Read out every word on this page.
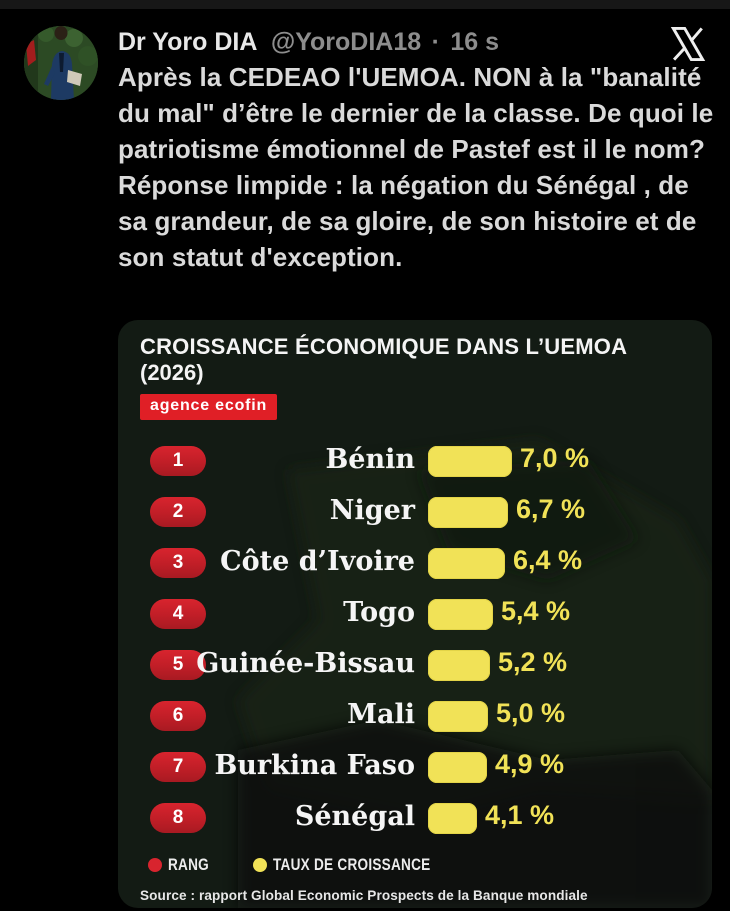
Dr Yoro DIA @YoroDIA18 · 16 s
Après la CEDEAO l'UEMOA. NON à la "banalité du mal" d’être le dernier de la classe. De quoi le patriotisme émotionnel de Pastef est il le nom? Réponse limpide : la négation du Sénégal , de sa grandeur, de sa gloire, de son histoire et de son statut d'exception.
CROISSANCE ÉCONOMIQUE DANS L’UEMOA
(2026)
agence ecofin
1	Bénin	7,0 %
2	Niger	6,7 %
3	Côte d’Ivoire	6,4 %
4	Togo	5,4 %
5 Guinée-Bissau	5,2 %
6	Mali	5,0 %
7	Burkina Faso	4,9 %
8	Sénégal	4,1 %
RANG	TAUX DE CROISSANCE
Source : rapport Global Economic Prospects de la Banque mondiale
